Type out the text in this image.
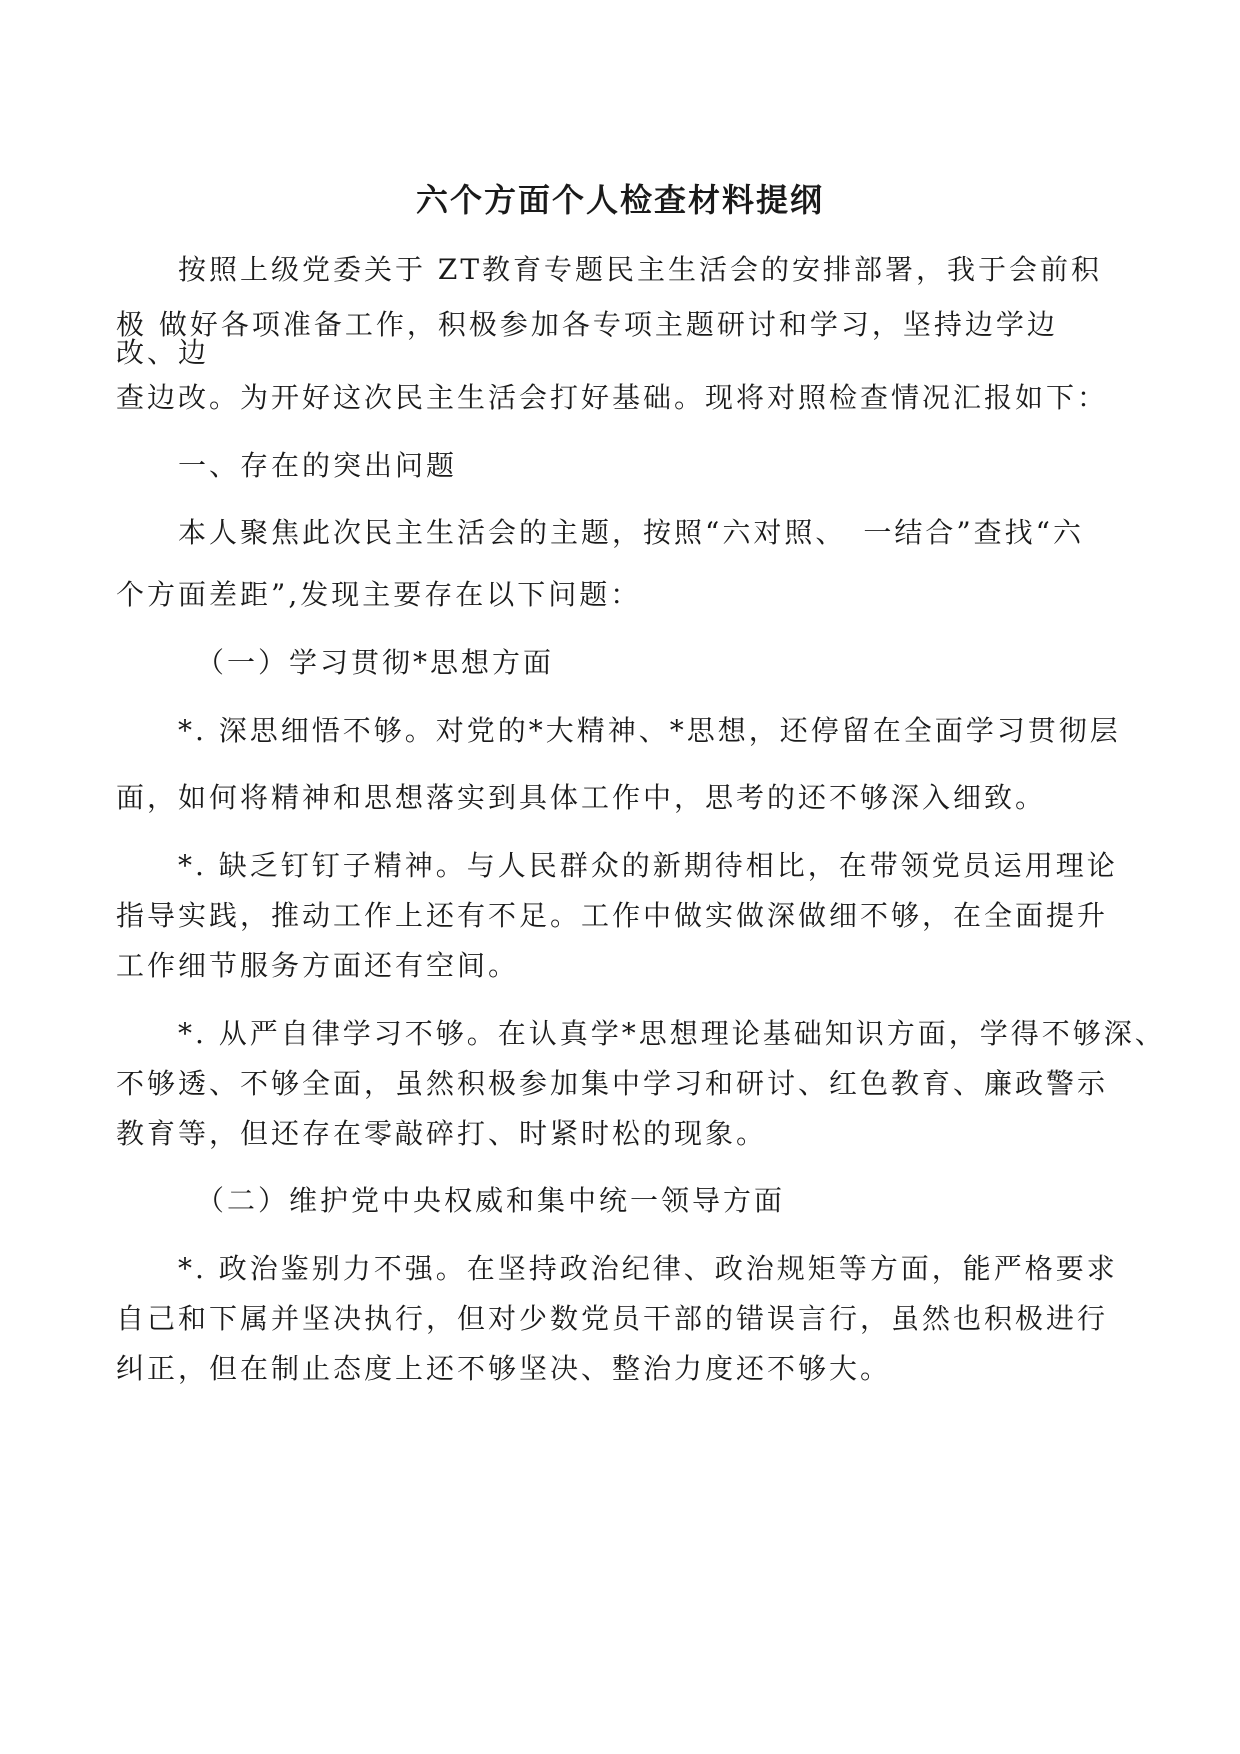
六个方面个人检查材料提纲
按照上级党委关于 ZT教育专题民主生活会的安排部署，我于会前积
极 做好各项准备工作，积极参加各专项主题研讨和学习，坚持边学边
改、边
查边改。为开好这次民主生活会打好基础。现将对照检查情况汇报如下：
一、存在的突出问题
本人聚焦此次民主生活会的主题，按照“六对照、　一结合”查找“六
个方面差距”,发现主要存在以下问题：
（一）学习贯彻*思想方面
*. 深思细悟不够。对党的*大精神、*思想，还停留在全面学习贯彻层
面，如何将精神和思想落实到具体工作中，思考的还不够深入细致。
*. 缺乏钉钉子精神。与人民群众的新期待相比，在带领党员运用理论
指导实践，推动工作上还有不足。工作中做实做深做细不够，在全面提升
工作细节服务方面还有空间。
*. 从严自律学习不够。在认真学*思想理论基础知识方面，学得不够深、
不够透、不够全面，虽然积极参加集中学习和研讨、红色教育、廉政警示
教育等，但还存在零敲碎打、时紧时松的现象。
（二）维护党中央权威和集中统一领导方面
*. 政治鉴别力不强。在坚持政治纪律、政治规矩等方面，能严格要求
自己和下属并坚决执行，但对少数党员干部的错误言行，虽然也积极进行
纠正，但在制止态度上还不够坚决、整治力度还不够大。
